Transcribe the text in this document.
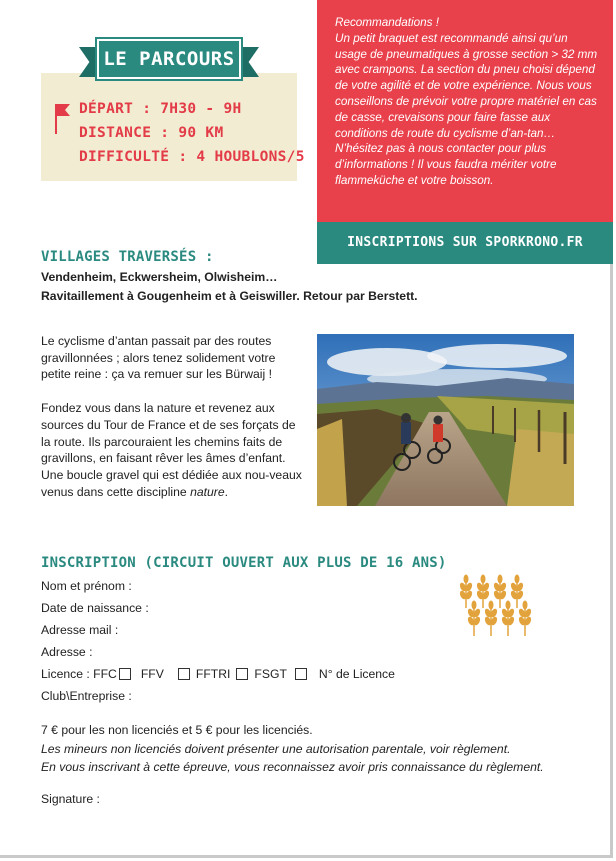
LE PARCOURS
DÉPART : 7H30 - 9H
DISTANCE : 90 KM
DIFFICULTÉ : 4 HOUBLONS/5
Recommandations !
Un petit braquet est recommandé ainsi qu’un usage de pneumatiques à grosse section > 32 mm avec crampons. La section du pneu choisi dépend de votre agilité et de votre expérience. Nous vous conseillons de prévoir votre propre matériel en cas de casse, crevaisons pour faire fasse aux conditions de route du cyclisme d’an-tan… N’hésitez pas à nous contacter pour plus d’informations ! Il vous faudra mériter votre flammeküche et votre boisson.
INSCRIPTIONS SUR SPORKRONO.FR
VILLAGES TRAVERSÉS :
Vendenheim, Eckwersheim, Olwisheim…
Ravitaillement à Gougenheim et à Geiswiller. Retour par Berstett.

Le cyclisme d’antan passait par des routes gravillonnées ; alors tenez solidement votre petite reine : ça va remuer sur les Bürwaij !

Fondez vous dans la nature et revenez aux sources du Tour de France et de ses forçats de la route. Ils parcouraient les chemins faits de gravillons, en faisant rêver les âmes d’enfant. Une boucle gravel qui est dédiée aux nou-veaux venus dans cette discipline nature.

INSCRIPTION (CIRCUIT OUVERT AUX PLUS DE 16 ANS)
Nom et prénom :
Date de naissance :
Adresse mail :
Adresse :
Licence : FFC FFV	FFTRI FSGT	N° de Licence
Club\Entreprise :
7 € pour les non licenciés et 5 € pour les licenciés.
Les mineurs non licenciés doivent présenter une autorisation parentale, voir règlement.
En vous inscrivant à cette épreuve, vous reconnaissez avoir pris connaissance du règlement.
Signature :
